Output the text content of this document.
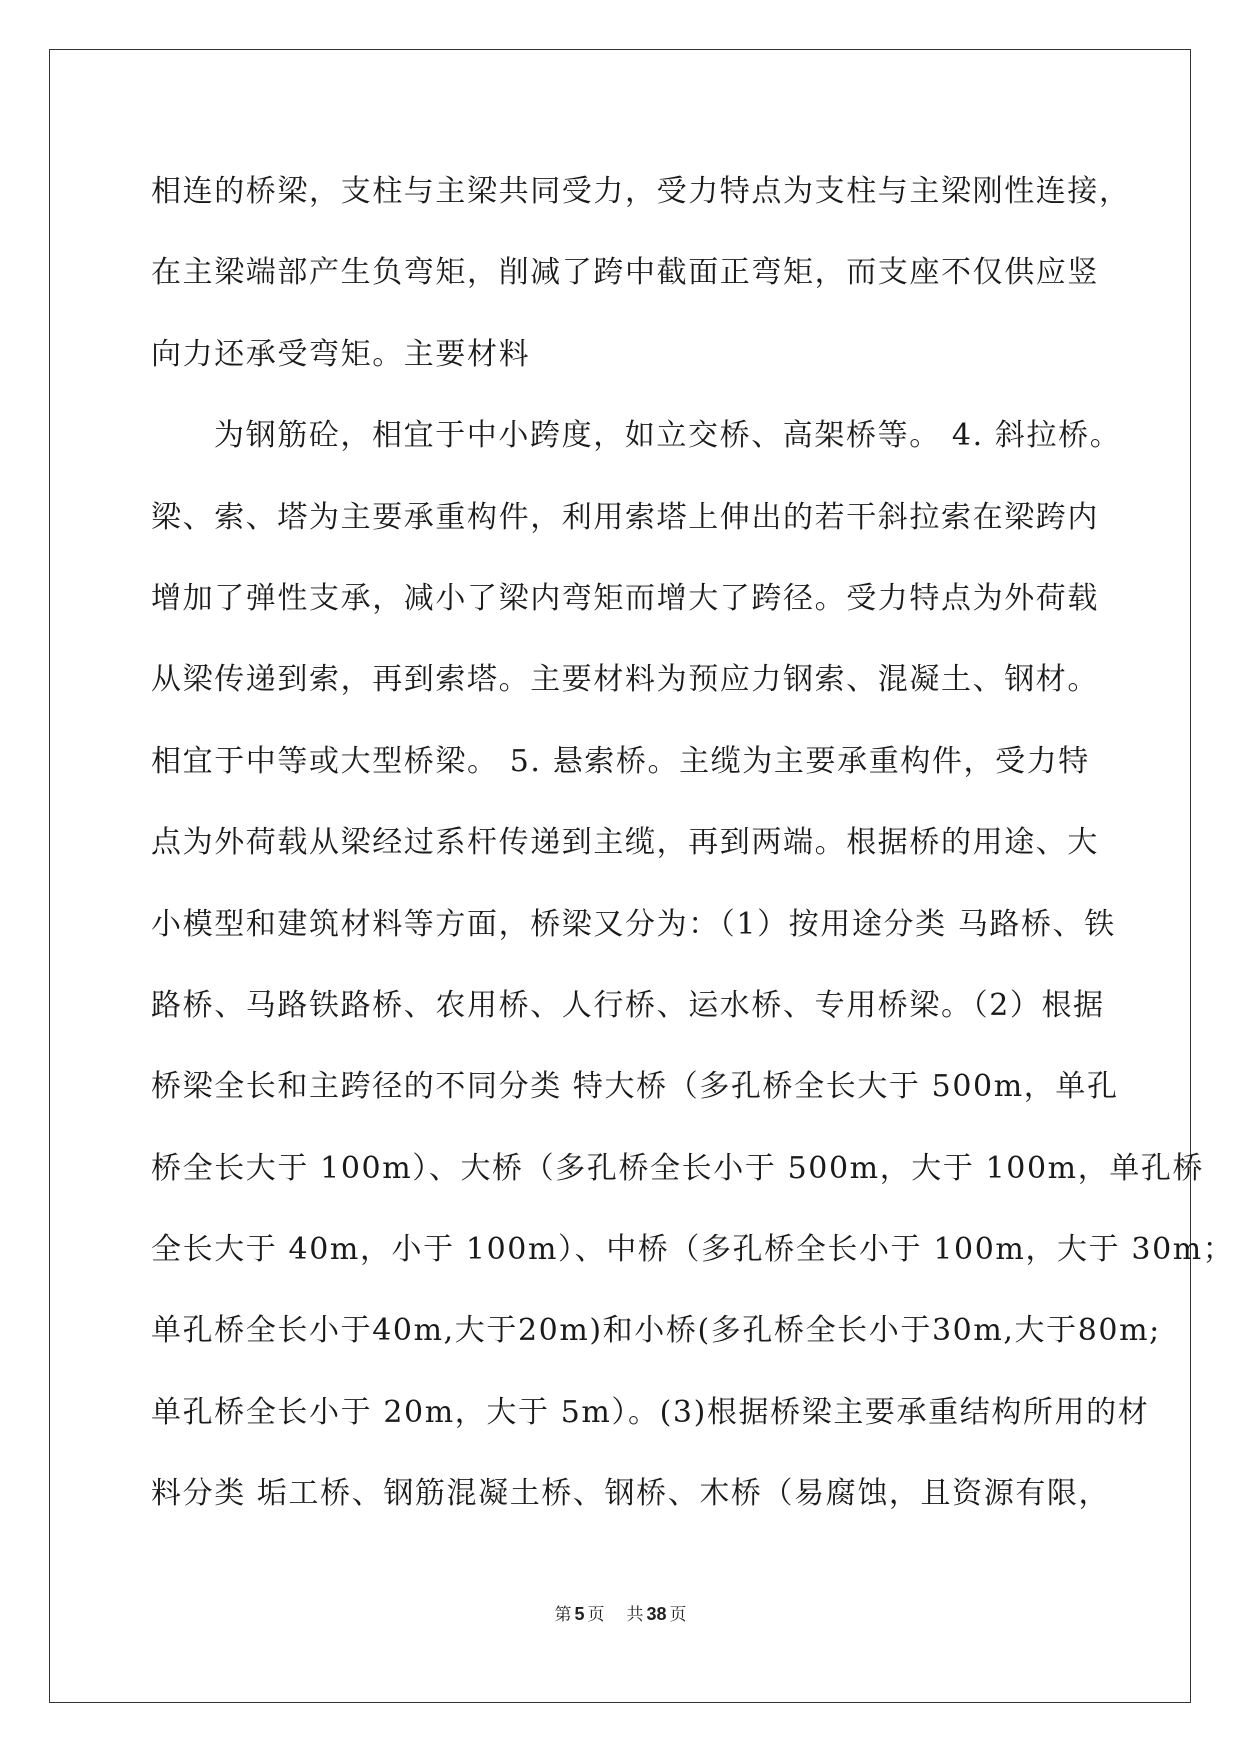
相连的桥梁，支柱与主梁共同受力，受力特点为支柱与主梁刚性连接，
在主梁端部产生负弯矩，削减了跨中截面正弯矩，而支座不仅供应竖
向力还承受弯矩。主要材料
为钢筋砼，相宜于中小跨度，如立交桥、高架桥等。 4. 斜拉桥。
梁、索、塔为主要承重构件，利用索塔上伸出的若干斜拉索在梁跨内
增加了弹性支承，减小了梁内弯矩而增大了跨径。受力特点为外荷载
从梁传递到索，再到索塔。主要材料为预应力钢索、混凝土、钢材。
相宜于中等或大型桥梁。 5. 悬索桥。主缆为主要承重构件，受力特
点为外荷载从梁经过系杆传递到主缆，再到两端。根据桥的用途、大
小模型和建筑材料等方面，桥梁又分为：（1）按用途分类 马路桥、铁
路桥、马路铁路桥、农用桥、人行桥、运水桥、专用桥梁。（2）根据
桥梁全长和主跨径的不同分类 特大桥（多孔桥全长大于 500m，单孔
桥全长大于 100m）、大桥（多孔桥全长小于 500m，大于 100m，单孔桥
全长大于 40m，小于 100m）、中桥（多孔桥全长小于 100m，大于 30m；
单孔桥全长小于40m,大于20m)和小桥(多孔桥全长小于30m,大于80m;
单孔桥全长小于 20m，大于 5m）。(3)根据桥梁主要承重结构所用的材
料分类 垢工桥、钢筋混凝土桥、钢桥、木桥（易腐蚀，且资源有限，
第 5 页 共 38 页
